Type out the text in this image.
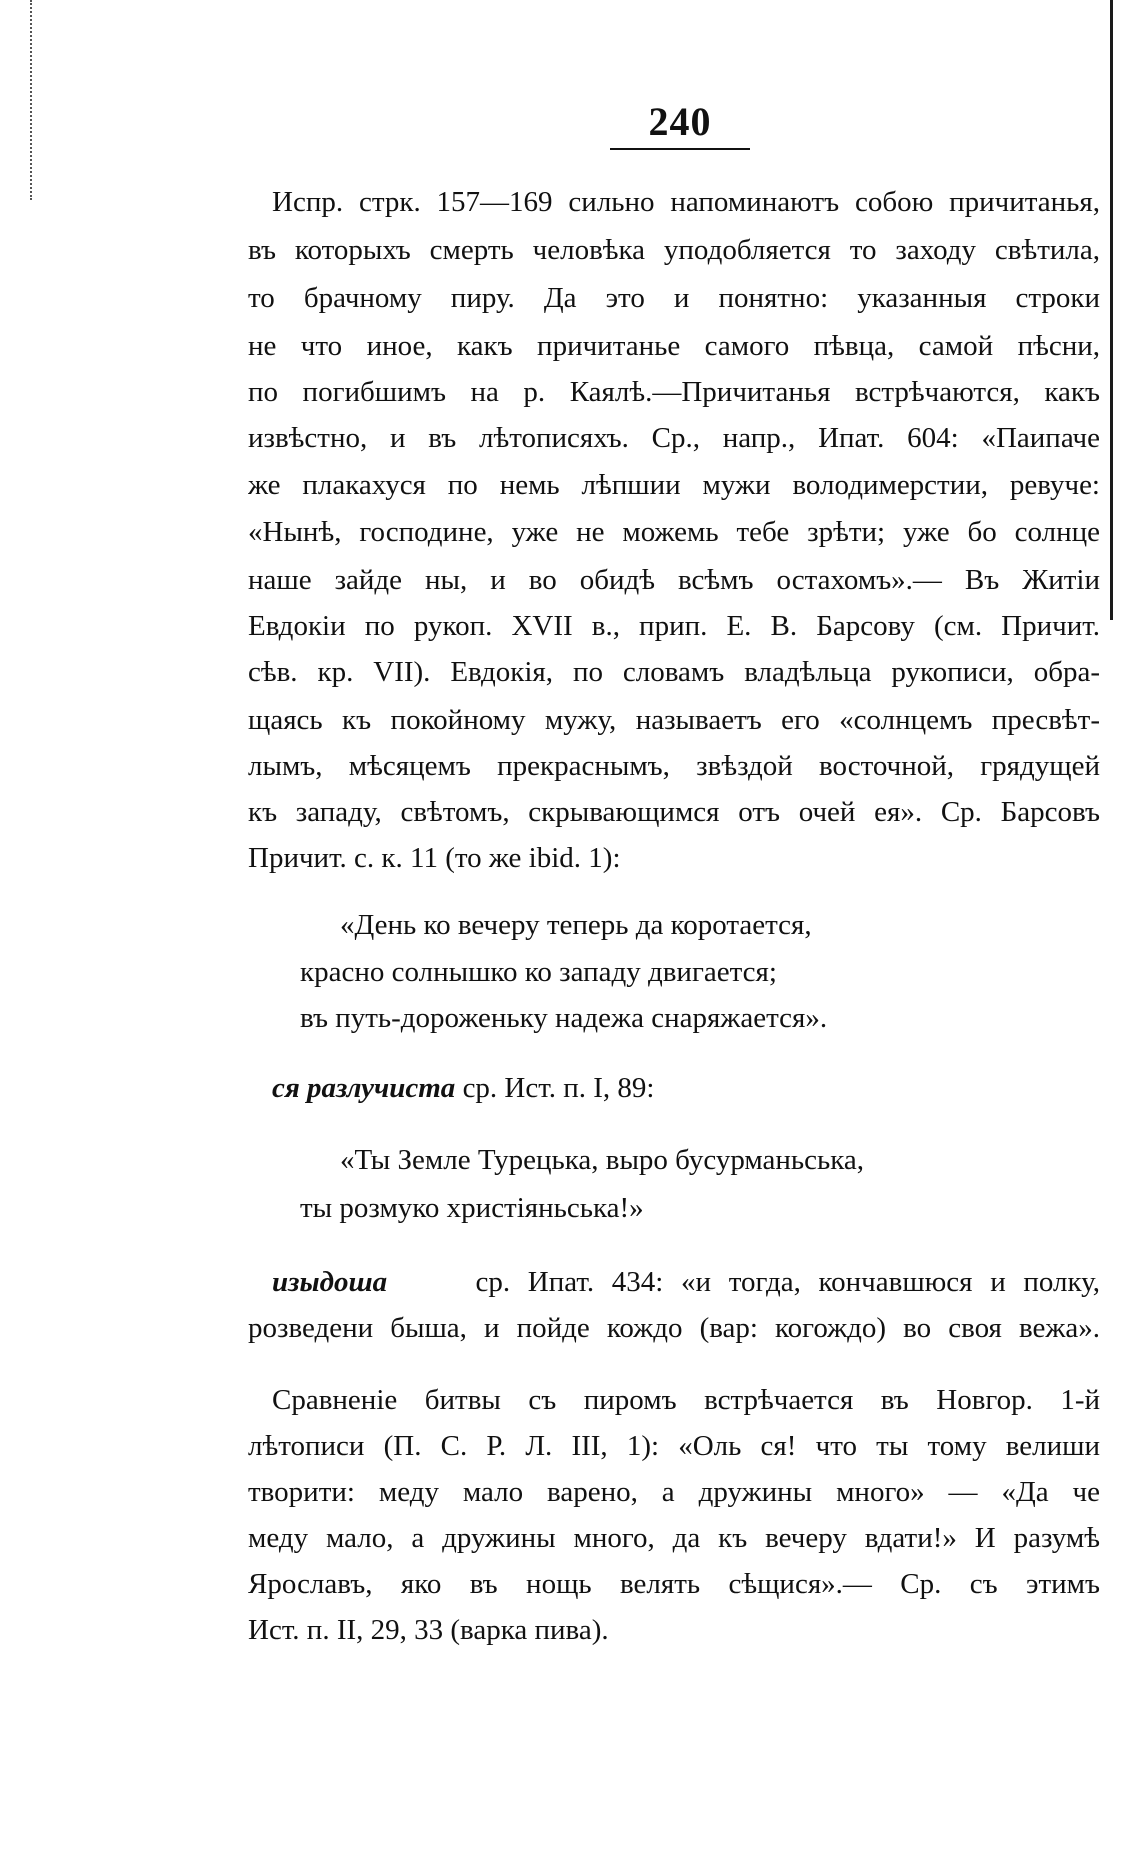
240
Испр. стрк. 157—169 сильно напоминаютъ собою причитанья,
въ которыхъ смерть человѣка уподобляется то заходу свѣтила,
то брачному пиру. Да это и понятно: указанныя строки
не что иное, какъ причитанье самого пѣвца, самой пѣсни,
по погибшимъ на р. Каялѣ.—Причитанья встрѣчаются, какъ
извѣстно, и въ лѣтописяхъ. Ср., напр., Ипат. 604: «Паипаче
же плакахуся по немь лѣпшии мужи володимерстии, ревуче:
«Нынѣ, господине, уже не можемь тебе зрѣти; уже бо солнце
наше зайде ны, и во обидѣ всѣмъ остахомъ».— Въ Житіи
Евдокіи по рукоп. XVII в., прип. Е. В. Барсову (см. Причит.
сѣв. кр. VII). Евдокія, по словамъ владѣльца рукописи, обра-
щаясь къ покойному мужу, называетъ его «солнцемъ пресвѣт-
лымъ, мѣсяцемъ прекраснымъ, звѣздой восточной, грядущей
къ западу, свѣтомъ, скрывающимся отъ очей ея». Ср. Барсовъ
Причит. с. к. 11 (то же ibid. 1):
«День ко вечеру теперь да коротается,
красно солнышко ко западу двигается;
въ путь-дороженьку надежа снаряжается».
ся разлучиста ср. Ист. п. I, 89:
«Ты Земле Турецька, выро бусурманьська,
ты розмуко христіяньська!»
изыдоша	ср. Ипат. 434: «и тогда, кончавшюся и полку,
розведени быша, и пойде кождо (вар: когождо) во своя вежа».
Сравненіе битвы съ пиромъ встрѣчается въ Новгор. 1-й
лѣтописи (П. С. Р. Л. III, 1): «Оль ся! что ты тому велиши
творити: меду мало варено, а дружины много» — «Да че
меду мало, а дружины много, да къ вечеру вдати!» И разумѣ
Ярославъ, яко въ нощь велять сѣщися».— Ср. съ этимъ
Ист. п. II, 29, 33 (варка пива).
